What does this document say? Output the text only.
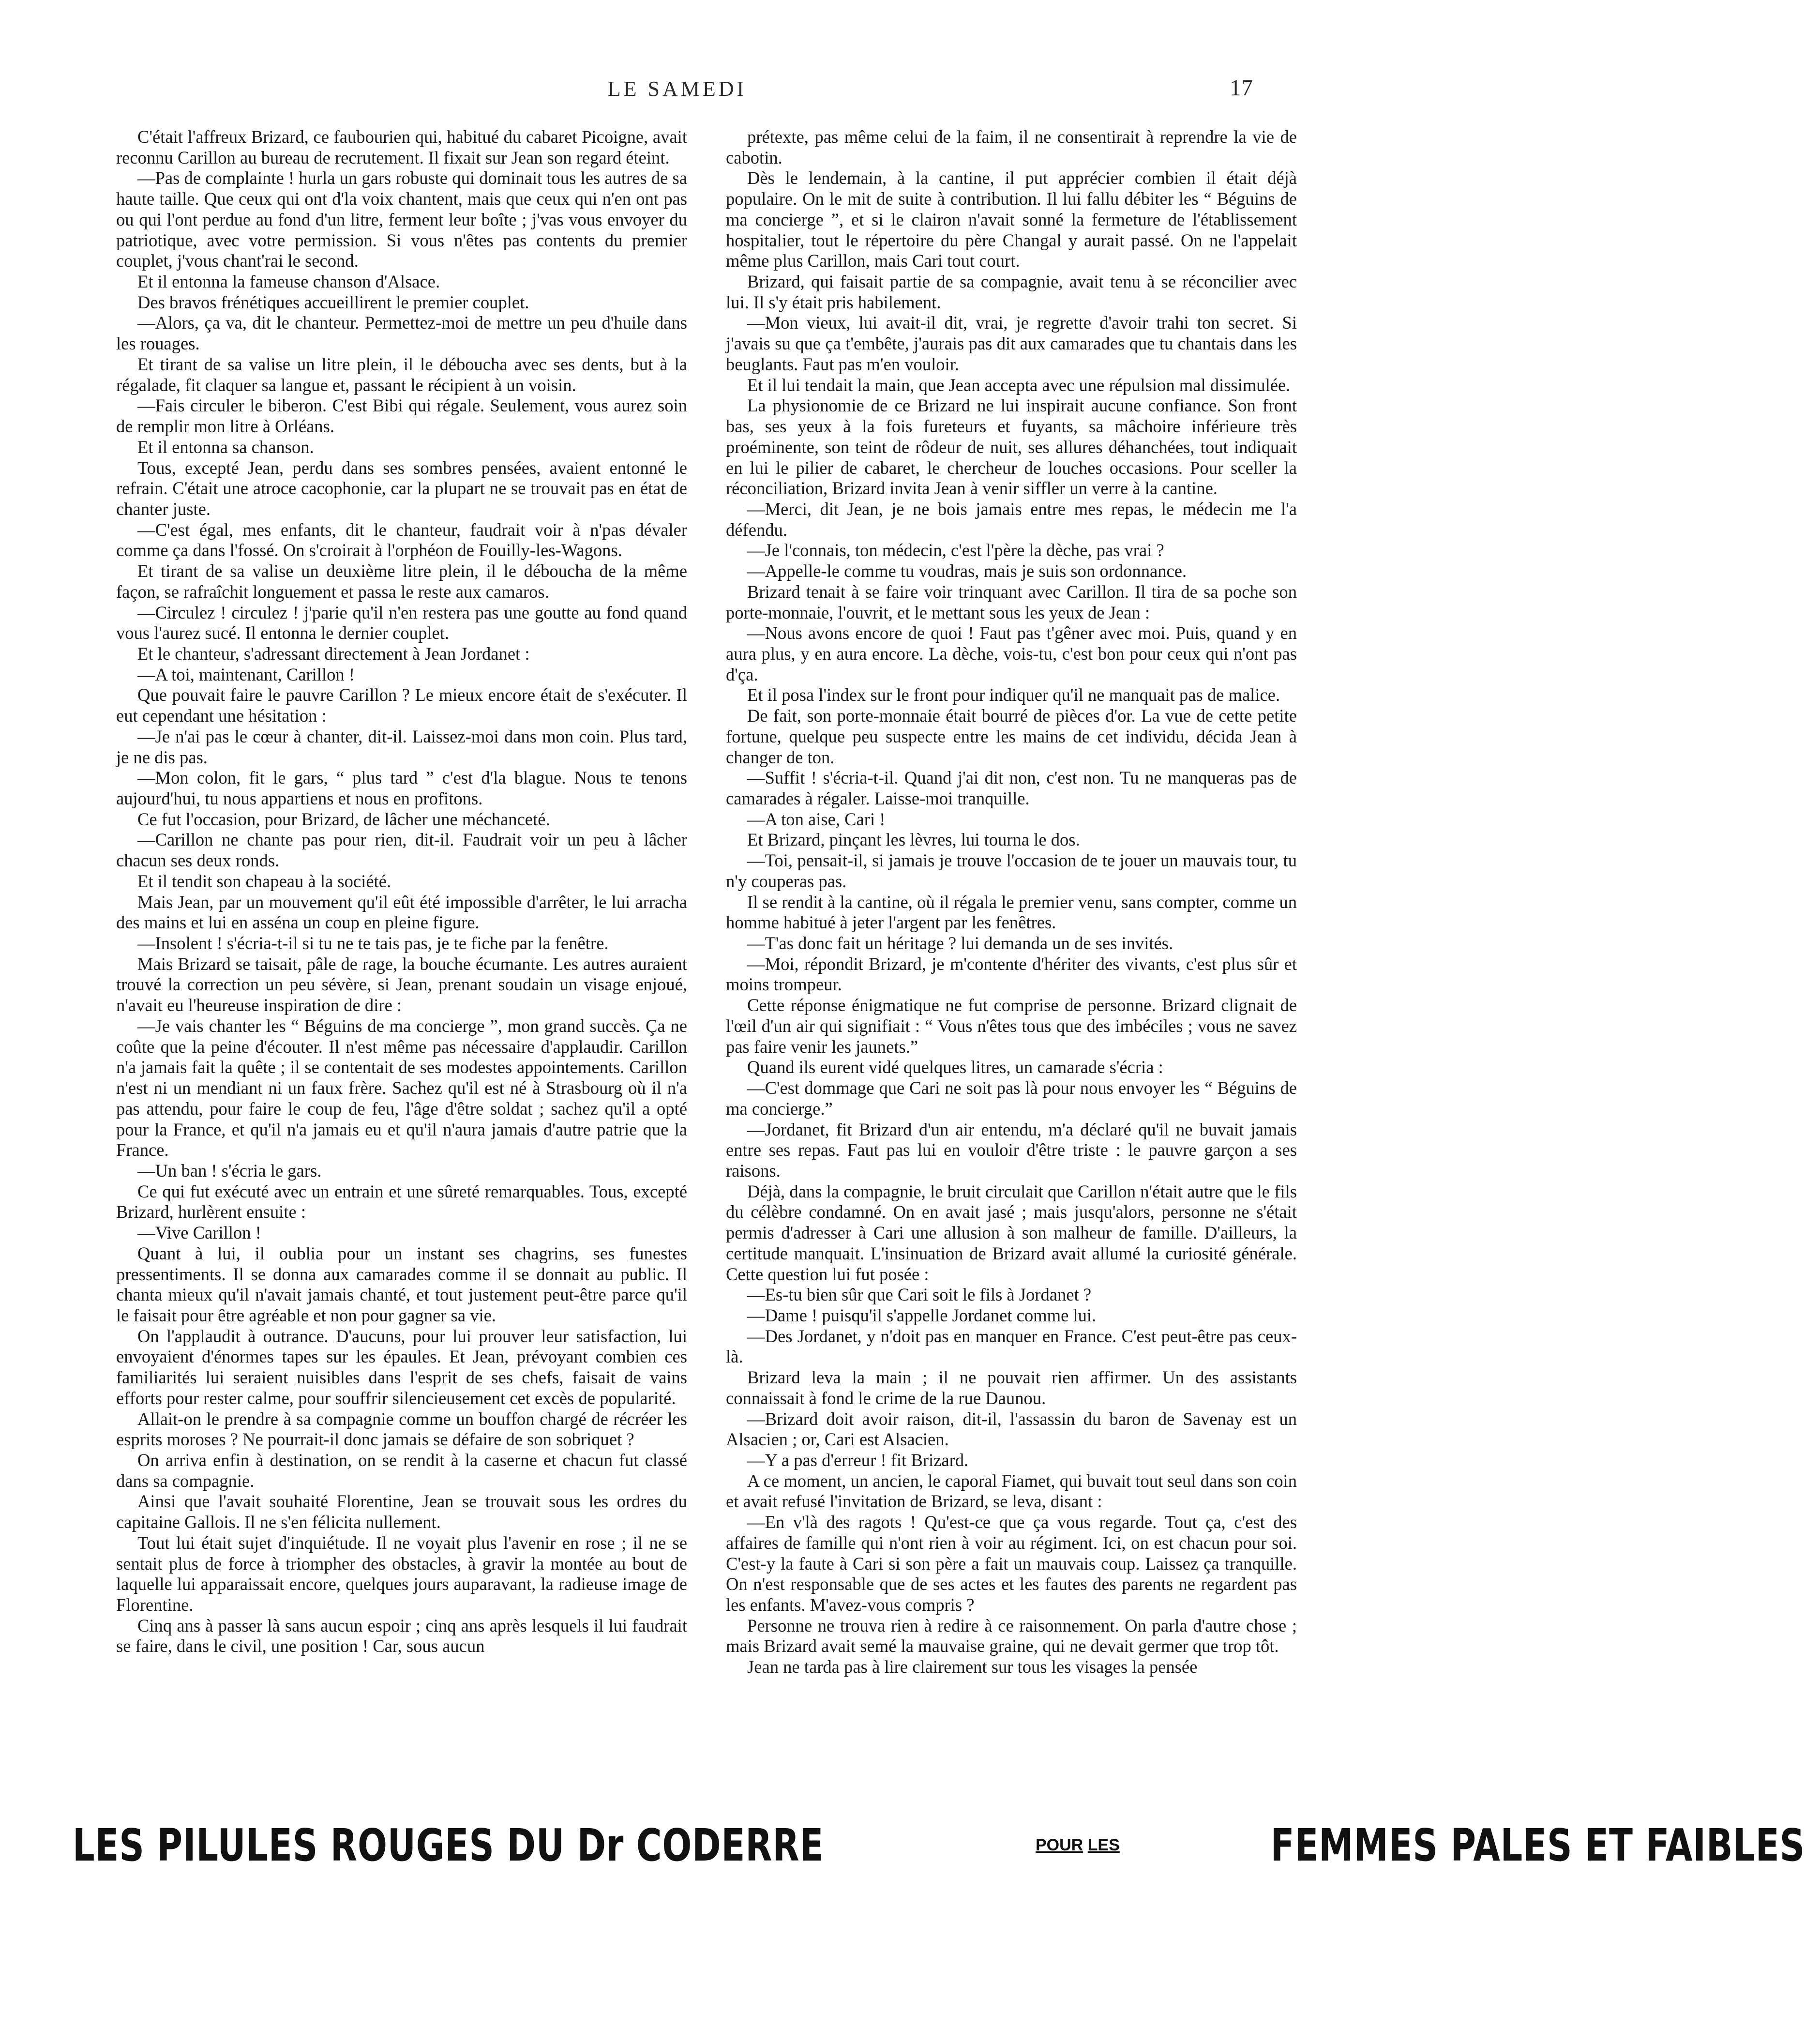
LE SAMEDI	17

C'était l'affreux Brizard, ce faubourien qui, habitué du cabaret Picoigne, avait reconnu Carillon au bureau de recrutement. Il fixait sur Jean son regard éteint.

—Pas de complainte ! hurla un gars robuste qui dominait tous les autres de sa haute taille. Que ceux qui ont d'la voix chantent, mais que ceux qui n'en ont pas ou qui l'ont perdue au fond d'un litre, ferment leur boîte ; j'vas vous envoyer du patriotique, avec votre permission. Si vous n'êtes pas contents du premier couplet, j'vous chant'rai le second.

Et il entonna la fameuse chanson d'Alsace.

Des bravos frénétiques accueillirent le premier couplet.

—Alors, ça va, dit le chanteur. Permettez-moi de mettre un peu d'huile dans les rouages.

Et tirant de sa valise un litre plein, il le déboucha avec ses dents, but à la régalade, fit claquer sa langue et, passant le récipient à un voisin.

—Fais circuler le biberon. C'est Bibi qui régale. Seulement, vous aurez soin de remplir mon litre à Orléans.

Et il entonna sa chanson.

Tous, excepté Jean, perdu dans ses sombres pensées, avaient entonné le refrain. C'était une atroce cacophonie, car la plupart ne se trouvait pas en état de chanter juste.

—C'est égal, mes enfants, dit le chanteur, faudrait voir à n'pas dévaler comme ça dans l'fossé. On s'croirait à l'orphéon de Fouilly-les-Wagons.

Et tirant de sa valise un deuxième litre plein, il le déboucha de la même façon, se rafraîchit longuement et passa le reste aux camaros.

—Circulez ! circulez ! j'parie qu'il n'en restera pas une goutte au fond quand vous l'aurez sucé. Il entonna le dernier couplet.

Et le chanteur, s'adressant directement à Jean Jordanet :

—A toi, maintenant, Carillon !

Que pouvait faire le pauvre Carillon ? Le mieux encore était de s'exécuter. Il eut cependant une hésitation :

—Je n'ai pas le cœur à chanter, dit-il. Laissez-moi dans mon coin. Plus tard, je ne dis pas.

—Mon colon, fit le gars, “ plus tard ” c'est d'la blague. Nous te tenons aujourd'hui, tu nous appartiens et nous en profitons.

Ce fut l'occasion, pour Brizard, de lâcher une méchanceté.

—Carillon ne chante pas pour rien, dit-il. Faudrait voir un peu à lâcher chacun ses deux ronds.

Et il tendit son chapeau à la société.

Mais Jean, par un mouvement qu'il eût été impossible d'arrêter, le lui arracha des mains et lui en asséna un coup en pleine figure.

—Insolent ! s'écria-t-il si tu ne te tais pas, je te fiche par la fenêtre.

Mais Brizard se taisait, pâle de rage, la bouche écumante. Les autres auraient trouvé la correction un peu sévère, si Jean, prenant soudain un visage enjoué, n'avait eu l'heureuse inspiration de dire :

—Je vais chanter les “ Béguins de ma concierge ”, mon grand succès. Ça ne coûte que la peine d'écouter. Il n'est même pas nécessaire d'applaudir. Carillon n'a jamais fait la quête ; il se contentait de ses modestes appointements. Carillon n'est ni un mendiant ni un faux frère. Sachez qu'il est né à Strasbourg où il n'a pas attendu, pour faire le coup de feu, l'âge d'être soldat ; sachez qu'il a opté pour la France, et qu'il n'a jamais eu et qu'il n'aura jamais d'autre patrie que la France.

—Un ban ! s'écria le gars.

Ce qui fut exécuté avec un entrain et une sûreté remarquables. Tous, excepté Brizard, hurlèrent ensuite :

—Vive Carillon !

Quant à lui, il oublia pour un instant ses chagrins, ses funestes pressentiments. Il se donna aux camarades comme il se donnait au public. Il chanta mieux qu'il n'avait jamais chanté, et tout justement peut-être parce qu'il le faisait pour être agréable et non pour gagner sa vie.

On l'applaudit à outrance. D'aucuns, pour lui prouver leur satisfaction, lui envoyaient d'énormes tapes sur les épaules. Et Jean, prévoyant combien ces familiarités lui seraient nuisibles dans l'esprit de ses chefs, faisait de vains efforts pour rester calme, pour souffrir silencieusement cet excès de popularité.

Allait-on le prendre à sa compagnie comme un bouffon chargé de récréer les esprits moroses ? Ne pourrait-il donc jamais se défaire de son sobriquet ?

On arriva enfin à destination, on se rendit à la caserne et chacun fut classé dans sa compagnie.

Ainsi que l'avait souhaité Florentine, Jean se trouvait sous les ordres du capitaine Gallois. Il ne s'en félicita nullement.

Tout lui était sujet d'inquiétude. Il ne voyait plus l'avenir en rose ; il ne se sentait plus de force à triompher des obstacles, à gravir la montée au bout de laquelle lui apparaissait encore, quelques jours auparavant, la radieuse image de Florentine.

Cinq ans à passer là sans aucun espoir ; cinq ans après lesquels il lui faudrait se faire, dans le civil, une position ! Car, sous aucun

prétexte, pas même celui de la faim, il ne consentirait à reprendre la vie de cabotin.

Dès le lendemain, à la cantine, il put apprécier combien il était déjà populaire. On le mit de suite à contribution. Il lui fallu débiter les “ Béguins de ma concierge ”, et si le clairon n'avait sonné la fermeture de l'établissement hospitalier, tout le répertoire du père Changal y aurait passé. On ne l'appelait même plus Carillon, mais Cari tout court.

Brizard, qui faisait partie de sa compagnie, avait tenu à se réconcilier avec lui. Il s'y était pris habilement.

—Mon vieux, lui avait-il dit, vrai, je regrette d'avoir trahi ton secret. Si j'avais su que ça t'embête, j'aurais pas dit aux camarades que tu chantais dans les beuglants. Faut pas m'en vouloir.

Et il lui tendait la main, que Jean accepta avec une répulsion mal dissimulée.

La physionomie de ce Brizard ne lui inspirait aucune confiance. Son front bas, ses yeux à la fois fureteurs et fuyants, sa mâchoire inférieure très proéminente, son teint de rôdeur de nuit, ses allures déhanchées, tout indiquait en lui le pilier de cabaret, le chercheur de louches occasions. Pour sceller la réconciliation, Brizard invita Jean à venir siffler un verre à la cantine.

—Merci, dit Jean, je ne bois jamais entre mes repas, le médecin me l'a défendu.

—Je l'connais, ton médecin, c'est l'père la dèche, pas vrai ?

—Appelle-le comme tu voudras, mais je suis son ordonnance.

Brizard tenait à se faire voir trinquant avec Carillon. Il tira de sa poche son porte-monnaie, l'ouvrit, et le mettant sous les yeux de Jean :

—Nous avons encore de quoi ! Faut pas t'gêner avec moi. Puis, quand y en aura plus, y en aura encore. La dèche, vois-tu, c'est bon pour ceux qui n'ont pas d'ça.

Et il posa l'index sur le front pour indiquer qu'il ne manquait pas de malice.

De fait, son porte-monnaie était bourré de pièces d'or. La vue de cette petite fortune, quelque peu suspecte entre les mains de cet individu, décida Jean à changer de ton.

—Suffit ! s'écria-t-il. Quand j'ai dit non, c'est non. Tu ne manqueras pas de camarades à régaler. Laisse-moi tranquille.

—A ton aise, Cari !

Et Brizard, pinçant les lèvres, lui tourna le dos.

—Toi, pensait-il, si jamais je trouve l'occasion de te jouer un mauvais tour, tu n'y couperas pas.

Il se rendit à la cantine, où il régala le premier venu, sans compter, comme un homme habitué à jeter l'argent par les fenêtres.

—T'as donc fait un héritage ? lui demanda un de ses invités.

—Moi, répondit Brizard, je m'contente d'hériter des vivants, c'est plus sûr et moins trompeur.

Cette réponse énigmatique ne fut comprise de personne. Brizard clignait de l'œil d'un air qui signifiait : “ Vous n'êtes tous que des imbéciles ; vous ne savez pas faire venir les jaunets.”

Quand ils eurent vidé quelques litres, un camarade s'écria :

—C'est dommage que Cari ne soit pas là pour nous envoyer les “ Béguins de ma concierge.”

—Jordanet, fit Brizard d'un air entendu, m'a déclaré qu'il ne buvait jamais entre ses repas. Faut pas lui en vouloir d'être triste : le pauvre garçon a ses raisons.

Déjà, dans la compagnie, le bruit circulait que Carillon n'était autre que le fils du célèbre condamné. On en avait jasé ; mais jusqu'alors, personne ne s'était permis d'adresser à Cari une allusion à son malheur de famille. D'ailleurs, la certitude manquait. L'insinuation de Brizard avait allumé la curiosité générale. Cette question lui fut posée :

—Es-tu bien sûr que Cari soit le fils à Jordanet ?

—Dame ! puisqu'il s'appelle Jordanet comme lui.

—Des Jordanet, y n'doit pas en manquer en France. C'est peut-être pas ceux-là.

Brizard leva la main ; il ne pouvait rien affirmer. Un des assistants connaissait à fond le crime de la rue Daunou.

—Brizard doit avoir raison, dit-il, l'assassin du baron de Savenay est un Alsacien ; or, Cari est Alsacien.

—Y a pas d'erreur ! fit Brizard.

A ce moment, un ancien, le caporal Fiamet, qui buvait tout seul dans son coin et avait refusé l'invitation de Brizard, se leva, disant :

—En v'là des ragots ! Qu'est-ce que ça vous regarde. Tout ça, c'est des affaires de famille qui n'ont rien à voir au régiment. Ici, on est chacun pour soi. C'est-y la faute à Cari si son père a fait un mauvais coup. Laissez ça tranquille. On n'est responsable que de ses actes et les fautes des parents ne regardent pas les enfants. M'avez-vous compris ?

Personne ne trouva rien à redire à ce raisonnement. On parla d'autre chose ; mais Brizard avait semé la mauvaise graine, qui ne devait germer que trop tôt.

Jean ne tarda pas à lire clairement sur tous les visages la pensée

LES PILULES ROUGES DU Dr CODERRE	POUR LES	FEMMES PALES ET FAIBLES
